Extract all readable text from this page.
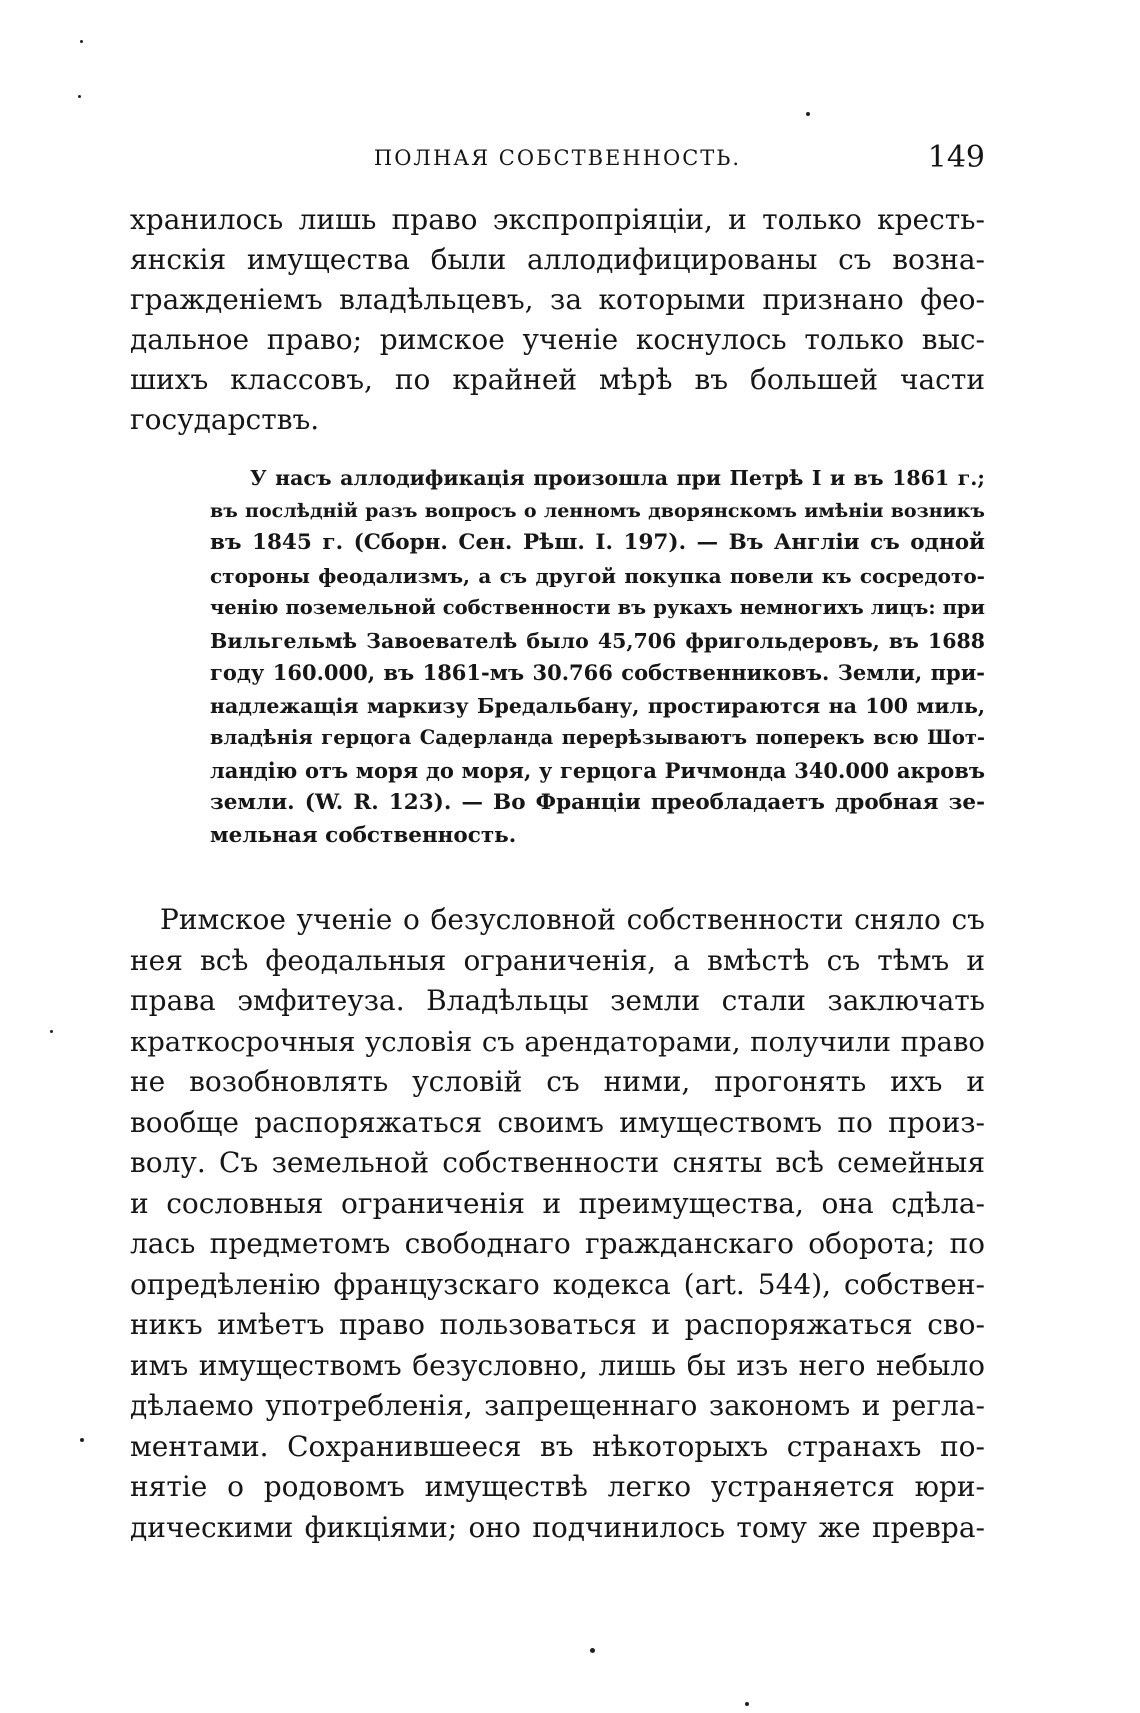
ПОЛНАЯ СОБСТВЕННОСТЬ.	149
хранилось лишь право экспропріяціи, и только кресть-
янскія имущества были аллодифицированы съ возна-
гражденіемъ владѣльцевъ, за которыми признано фео-
дальное право; римское ученіе коснулось только выс-
шихъ классовъ, по крайней мѣрѣ въ большей части
государствъ.
У насъ аллодификація произошла при Петрѣ I и въ 1861 г.;
въ послѣдній разъ вопросъ о ленномъ дворянскомъ имѣніи возникъ
въ 1845 г. (Сборн. Сен. Рѣш. I. 197). — Въ Англіи съ одной
стороны феодализмъ, а съ другой покупка повели къ сосредото-
ченію поземельной собственности въ рукахъ немногихъ лицъ: при
Вильгельмѣ Завоевателѣ было 45,706 фригольдеровъ, въ 1688
году 160.000, въ 1861-мъ 30.766 собственниковъ. Земли, при-
надлежащія маркизу Бредальбану, простираются на 100 миль,
владѣнія герцога Садерланда перерѣзываютъ поперекъ всю Шот-
ландію отъ моря до моря, у герцога Ричмонда 340.000 акровъ
земли. (W. R. 123). — Во Франціи преобладаетъ дробная зе-
мельная собственность.
Римское ученіе о безусловной собственности сняло съ
нея всѣ феодальныя ограниченія, а вмѣстѣ съ тѣмъ и
права эмфитеуза. Владѣльцы земли стали заключать
краткосрочныя условія съ арендаторами, получили право
не возобновлять условій съ ними, прогонять ихъ и
вообще распоряжаться своимъ имуществомъ по произ-
волу. Съ земельной собственности сняты всѣ семейныя
и сословныя ограниченія и преимущества, она сдѣла-
лась предметомъ свободнаго гражданскаго оборота; по
опредѣленію французскаго кодекса (art. 544), собствен-
никъ имѣетъ право пользоваться и распоряжаться сво-
имъ имуществомъ безусловно, лишь бы изъ него небыло
дѣлаемо употребленія, запрещеннаго закономъ и регла-
ментами. Сохранившееся въ нѣкоторыхъ странахъ по-
нятіе о родовомъ имуществѣ легко устраняется юри-
дическими фикціями; оно подчинилось тому же превра-
